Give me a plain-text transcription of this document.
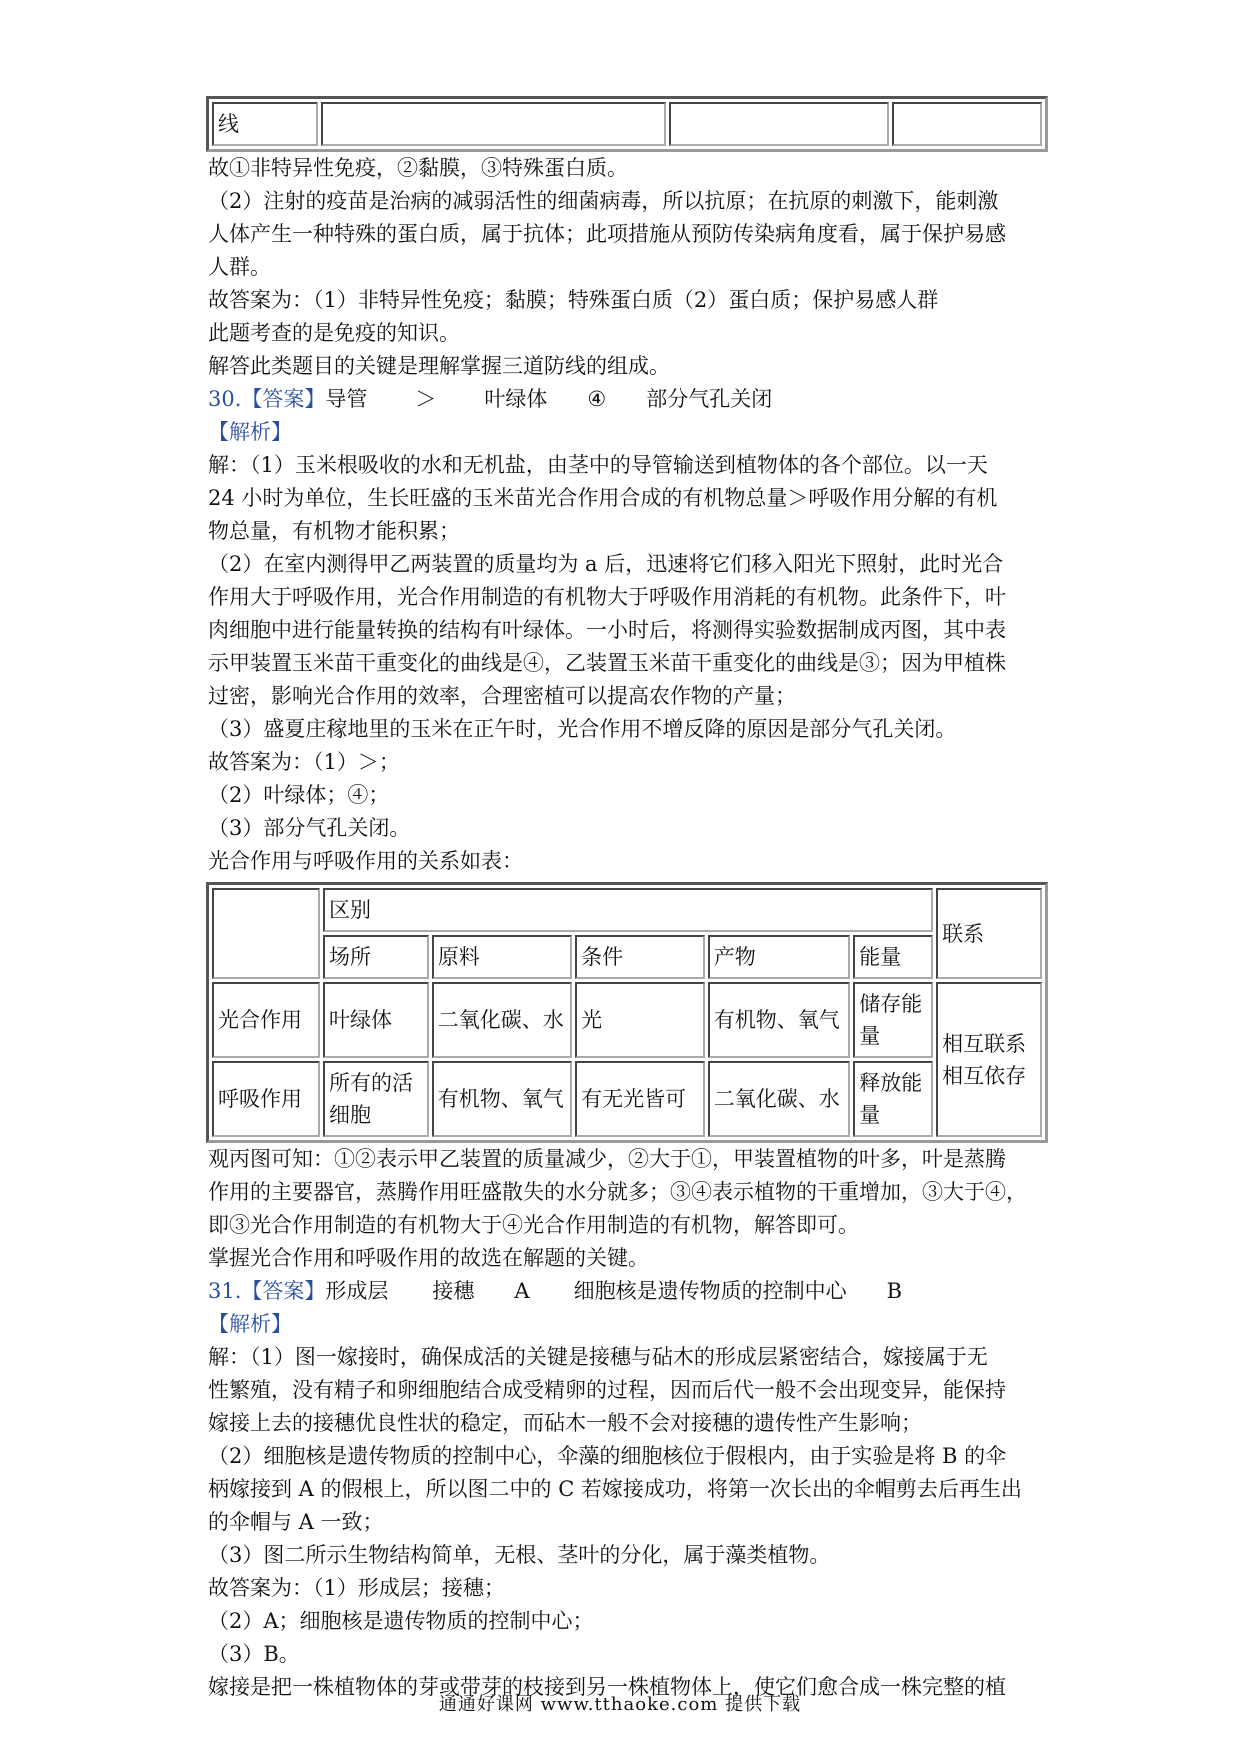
线			
故①非特异性免疫，②黏膜，③特殊蛋白质。
（2）注射的疫苗是治病的减弱活性的细菌病毒，所以抗原；在抗原的刺激下，能刺激
人体产生一种特殊的蛋白质，属于抗体；此项措施从预防传染病角度看，属于保护易感
人群。
故答案为：（1）非特异性免疫；黏膜；特殊蛋白质（2）蛋白质；保护易感人群
此题考查的是免疫的知识。
解答此类题目的关键是理解掌握三道防线的组成。
30.【答案】导管 ＞ 叶绿体 ④ 部分气孔关闭
【解析】
解：（1）玉米根吸收的水和无机盐，由茎中的导管输送到植物体的各个部位。以一天
24 小时为单位，生长旺盛的玉米苗光合作用合成的有机物总量＞呼吸作用分解的有机
物总量，有机物才能积累；
（2）在室内测得甲乙两装置的质量均为 a 后，迅速将它们移入阳光下照射，此时光合
作用大于呼吸作用，光合作用制造的有机物大于呼吸作用消耗的有机物。此条件下，叶
肉细胞中进行能量转换的结构有叶绿体。一小时后，将测得实验数据制成丙图，其中表
示甲装置玉米苗干重变化的曲线是④，乙装置玉米苗干重变化的曲线是③；因为甲植株
过密，影响光合作用的效率，合理密植可以提高农作物的产量；
（3）盛夏庄稼地里的玉米在正午时，光合作用不增反降的原因是部分气孔关闭。
故答案为：（1）＞；
（2）叶绿体；④；
（3）部分气孔关闭。
光合作用与呼吸作用的关系如表：
	区别					联系
	场所	原料	条件	产物	能量	
光合作用	叶绿体	二氧化碳、水	光	有机物、氧气	储存能量	相互联系相互依存
呼吸作用	所有的活细胞	有机物、氧气	有无光皆可	二氧化碳、水	释放能量	
观丙图可知：①②表示甲乙装置的质量减少，②大于①，甲装置植物的叶多，叶是蒸腾
作用的主要器官，蒸腾作用旺盛散失的水分就多；③④表示植物的干重增加，③大于④，
即③光合作用制造的有机物大于④光合作用制造的有机物，解答即可。
掌握光合作用和呼吸作用的故选在解题的关键。
31.【答案】形成层 接穗 A 细胞核是遗传物质的控制中心 B
【解析】
解：（1）图一嫁接时，确保成活的关键是接穗与砧木的形成层紧密结合，嫁接属于无
性繁殖，没有精子和卵细胞结合成受精卵的过程，因而后代一般不会出现变异，能保持
嫁接上去的接穗优良性状的稳定，而砧木一般不会对接穗的遗传性产生影响；
（2）细胞核是遗传物质的控制中心，伞藻的细胞核位于假根内，由于实验是将 B 的伞
柄嫁接到 A 的假根上，所以图二中的 C 若嫁接成功，将第一次长出的伞帽剪去后再生出
的伞帽与 A 一致；
（3）图二所示生物结构简单，无根、茎叶的分化，属于藻类植物。
故答案为：（1）形成层；接穗；
（2）A；细胞核是遗传物质的控制中心；
（3）B。
嫁接是把一株植物体的芽或带芽的枝接到另一株植物体上，使它们愈合成一株完整的植
通通好课网 www.tthaoke.com 提供下载
